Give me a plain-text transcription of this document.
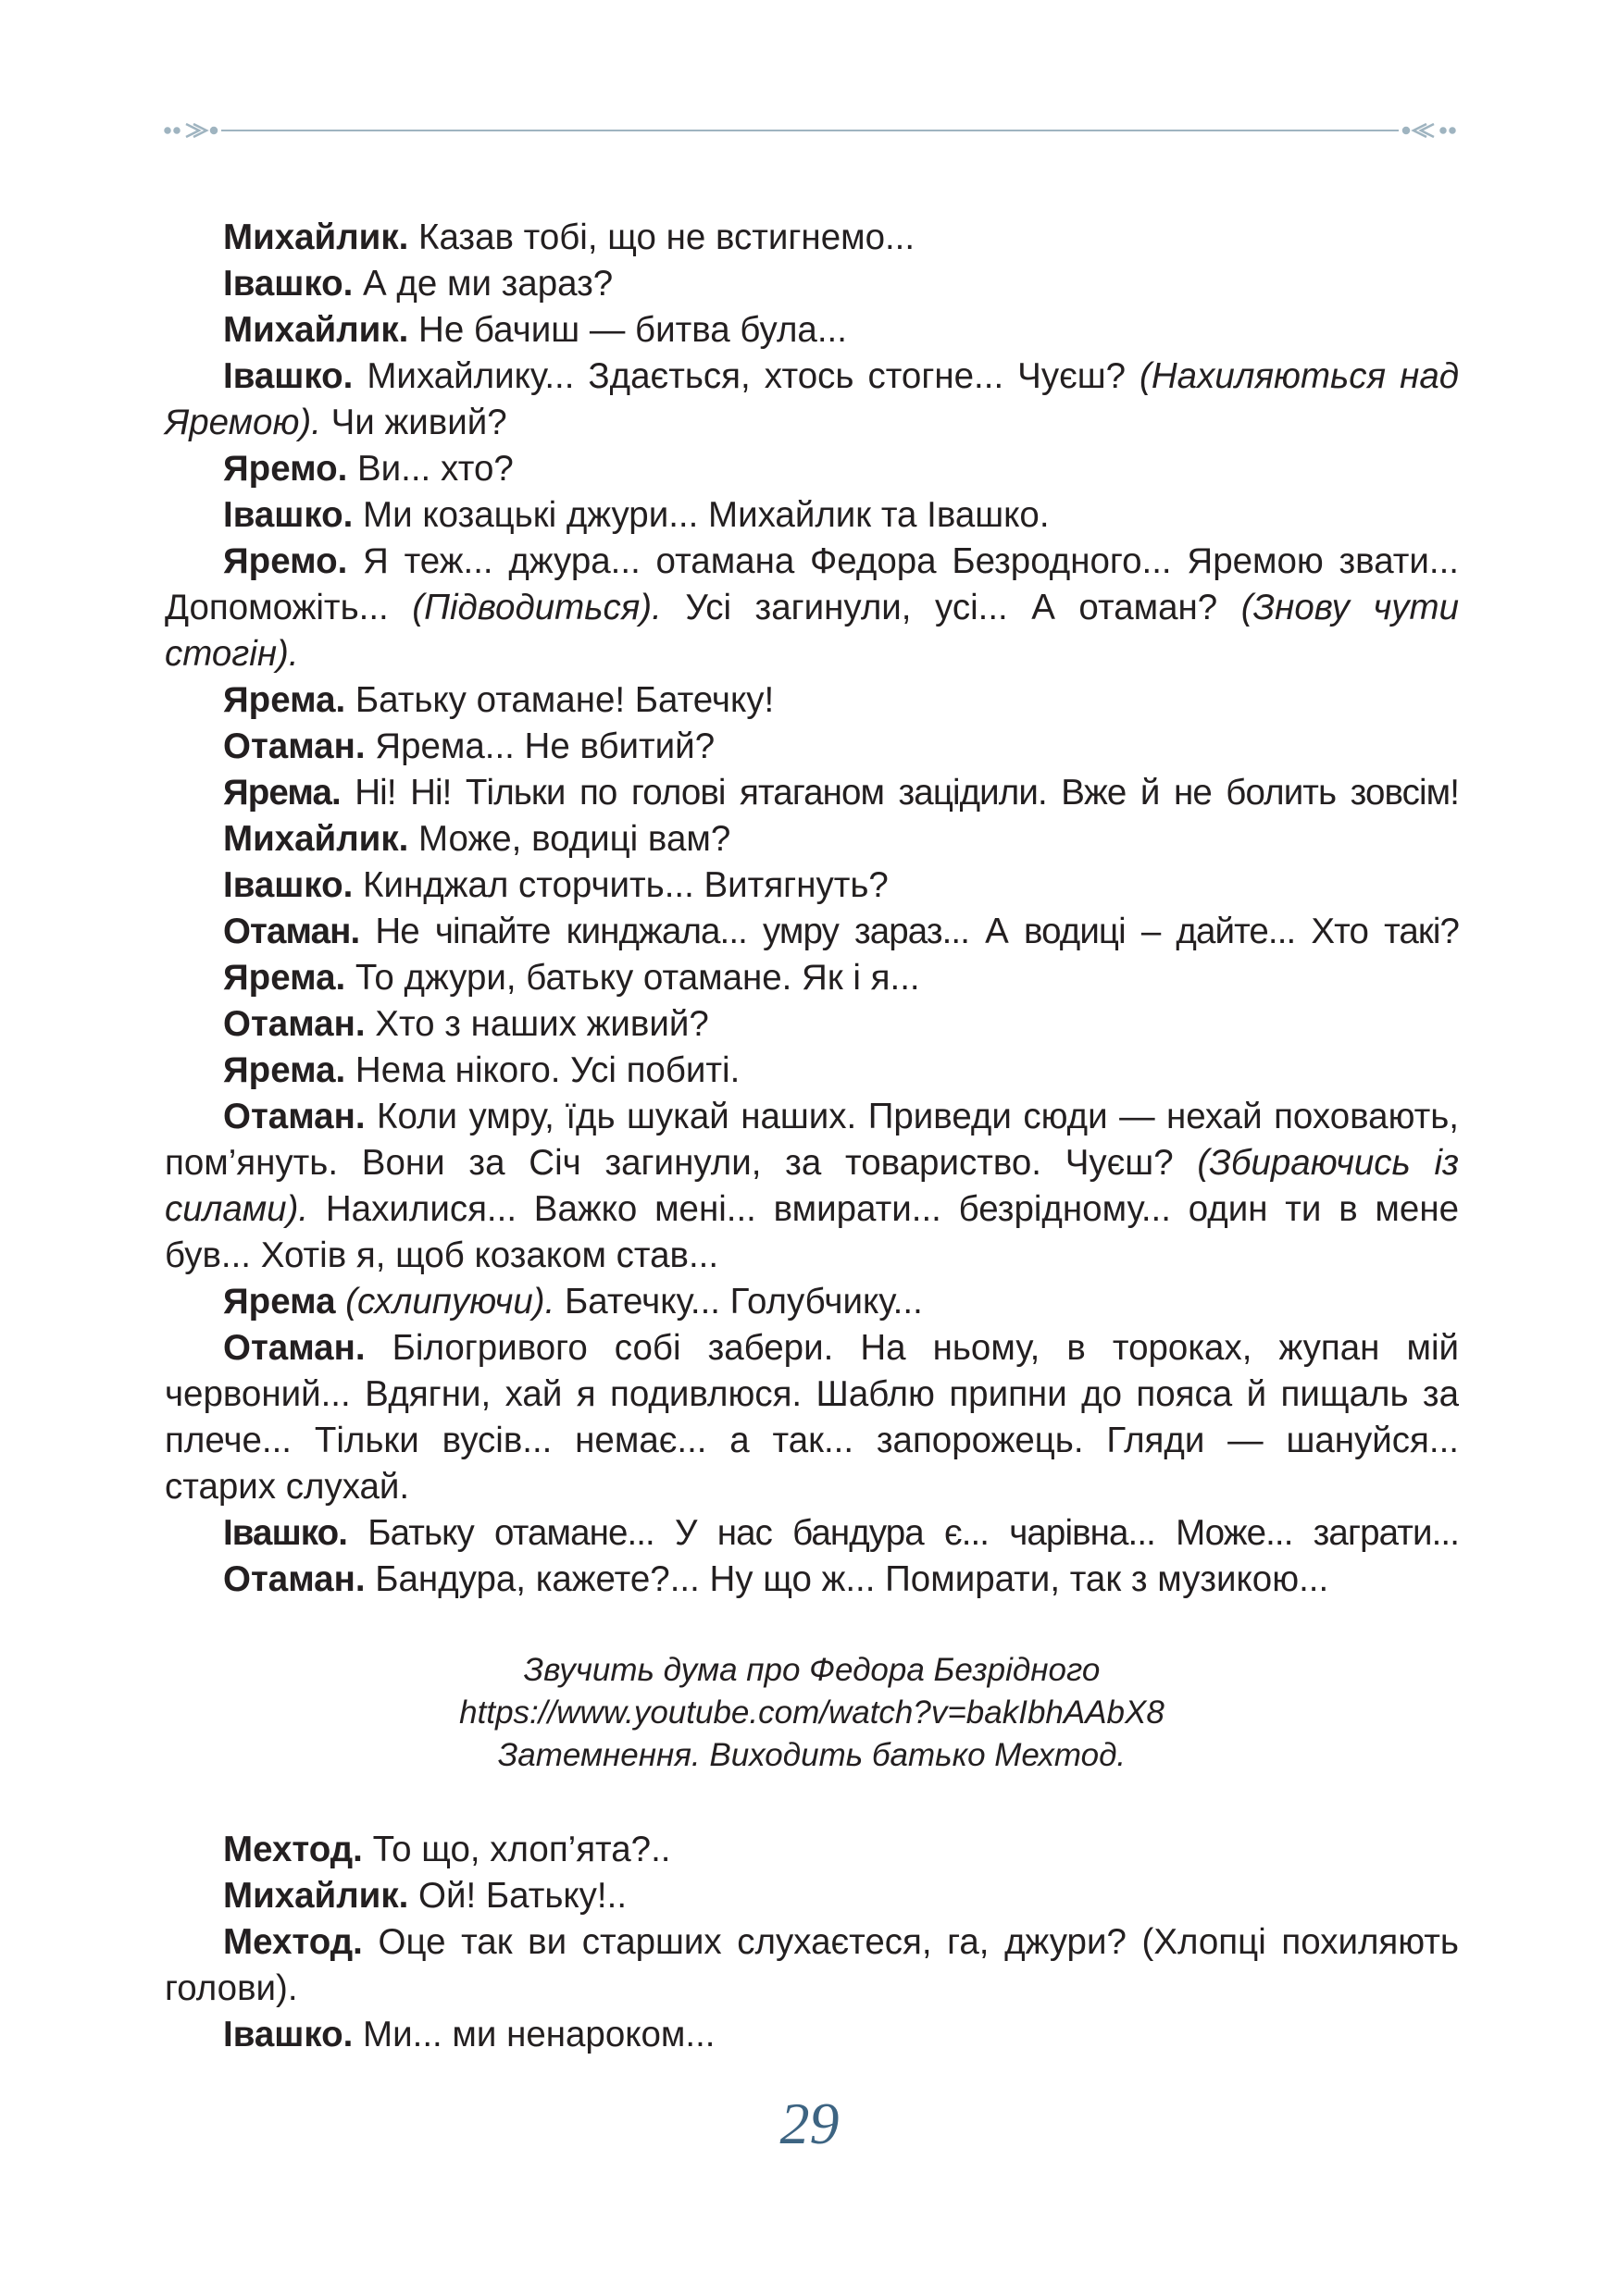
Михайлик. Казав тобі, що не встигнемо...

Івашко. А де ми зараз?

Михайлик. Не бачиш — битва була...

Івашко. Михайлику... Здається, хтось стогне... Чуєш? (Нахиляються над Яремою). Чи живий?

Яремо. Ви... хто?

Івашко. Ми козацькі джури... Михайлик та Івашко.

Яремо. Я теж... джура... отамана Федора Безродного... Яремою звати... Допоможіть... (Підводиться). Усі загинули, усі... А отаман? (Знову чути стогін).

Ярема. Батьку отамане! Батечку!

Отаман. Ярема... Не вбитий?

Ярема. Ні! Ні! Тільки по голові ятаганом зацідили. Вже й не болить зовсім!

Михайлик. Може, водиці вам?

Івашко. Кинджал сторчить... Витягнуть?

Отаман. Не чіпайте кинджала... умру зараз... А водиці – дайте... Хто такі?

Ярема. То джури, батьку отамане. Як і я...

Отаман. Хто з наших живий?

Ярема. Нема нікого. Усі побиті.

Отаман. Коли умру, їдь шукай наших. Приведи сюди — нехай поховають, пом’януть. Вони за Січ загинули, за товариство. Чуєш? (Збираючись із силами). Нахилися... Важко мені... вмирати... безрідному... один ти в мене був... Хотів я, щоб козаком став...

Ярема (схлипуючи). Батечку... Голубчику...

Отаман. Білогривого собі забери. На ньому, в тороках, жупан мій червоний... Вдягни, хай я подивлюся. Шаблю припни до пояса й пищаль за плече... Тільки вусів... немає... а так... запорожець. Гляди — шануйся... старих слухай.

Івашко. Батьку отамане... У нас бандура є... чарівна... Може... заграти...

Отаман. Бандура, кажете?... Ну що ж... Помирати, так з музикою...

Звучить дума про Федора Безрідного
https://www.youtube.com/watch?v=bakIbhAAbX8
Затемнення. Виходить батько Мехтод.

Мехтод. То що, хлоп’ята?..

Михайлик. Ой! Батьку!..

Мехтод. Оце так ви старших слухаєтеся, га, джури? (Хлопці похиляють голови).

Івашко. Ми... ми ненароком...

29
